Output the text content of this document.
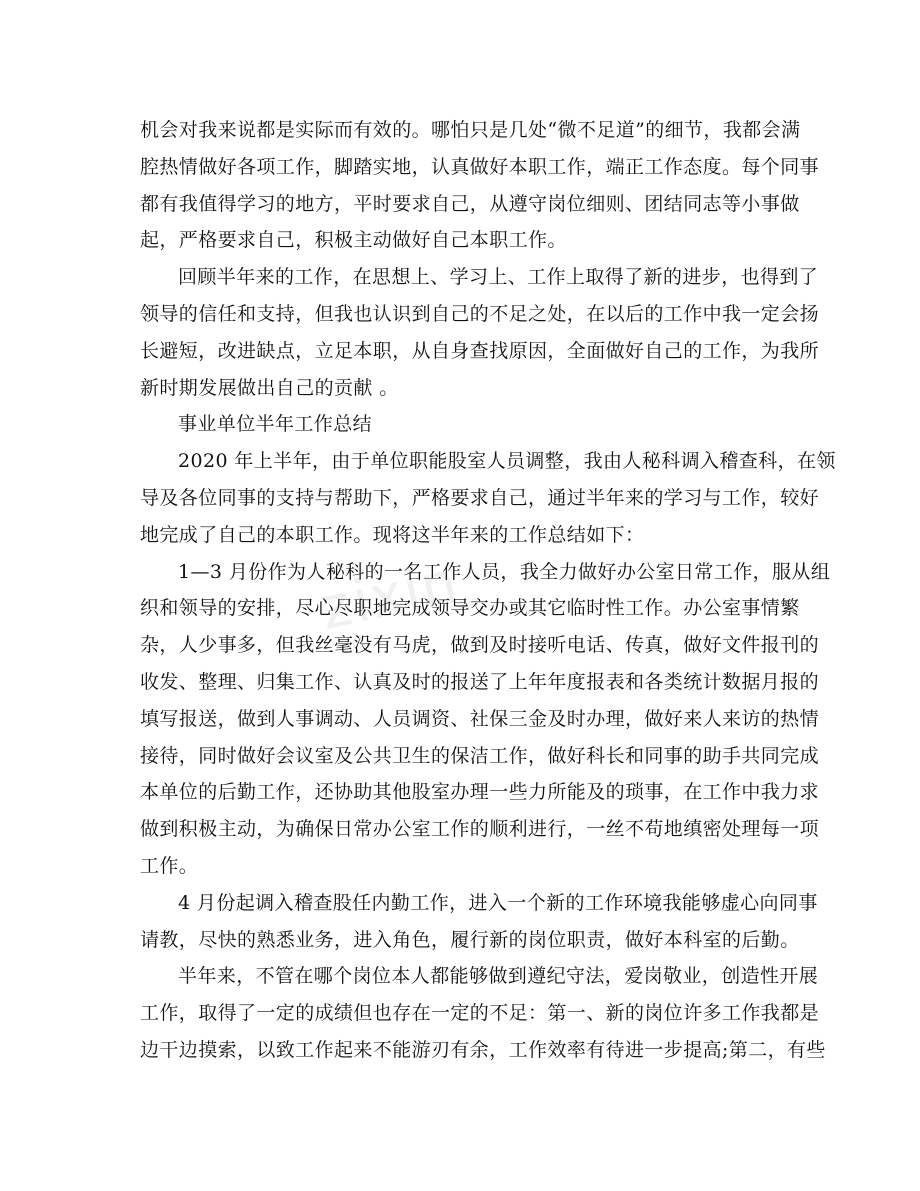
zixin

机会对我来说都是实际而有效的。哪怕只是几处“微不足道”的细节，我都会满
腔热情做好各项工作，脚踏实地，认真做好本职工作，端正工作态度。每个同事
都有我值得学习的地方，平时要求自己，从遵守岗位细则、团结同志等小事做
起，严格要求自己，积极主动做好自己本职工作。

回顾半年来的工作，在思想上、学习上、工作上取得了新的进步，也得到了
领导的信任和支持，但我也认识到自己的不足之处，在以后的工作中我一定会扬
长避短，改进缺点，立足本职，从自身查找原因，全面做好自己的工作，为我所
新时期发展做出自己的贡献 。

事业单位半年工作总结

2020 年上半年，由于单位职能股室人员调整，我由人秘科调入稽查科，在领
导及各位同事的支持与帮助下，严格要求自己，通过半年来的学习与工作，较好
地完成了自己的本职工作。现将这半年来的工作总结如下：

1—3 月份作为人秘科的一名工作人员，我全力做好办公室日常工作，服从组
织和领导的安排，尽心尽职地完成领导交办或其它临时性工作。办公室事情繁
杂，人少事多，但我丝毫没有马虎，做到及时接听电话、传真，做好文件报刊的
收发、整理、归集工作、认真及时的报送了上年年度报表和各类统计数据月报的
填写报送，做到人事调动、人员调资、社保三金及时办理，做好来人来访的热情
接待，同时做好会议室及公共卫生的保洁工作，做好科长和同事的助手共同完成
本单位的后勤工作，还协助其他股室办理一些力所能及的琐事，在工作中我力求
做到积极主动，为确保日常办公室工作的顺利进行，一丝不苟地缜密处理每一项
工作。

4 月份起调入稽查股任内勤工作，进入一个新的工作环境我能够虚心向同事
请教，尽快的熟悉业务，进入角色，履行新的岗位职责，做好本科室的后勤。

半年来，不管在哪个岗位本人都能够做到遵纪守法，爱岗敬业，创造性开展
工作，取得了一定的成绩但也存在一定的不足：第一、新的岗位许多工作我都是
边干边摸索，以致工作起来不能游刃有余，工作效率有待进一步提高;第二，有些
